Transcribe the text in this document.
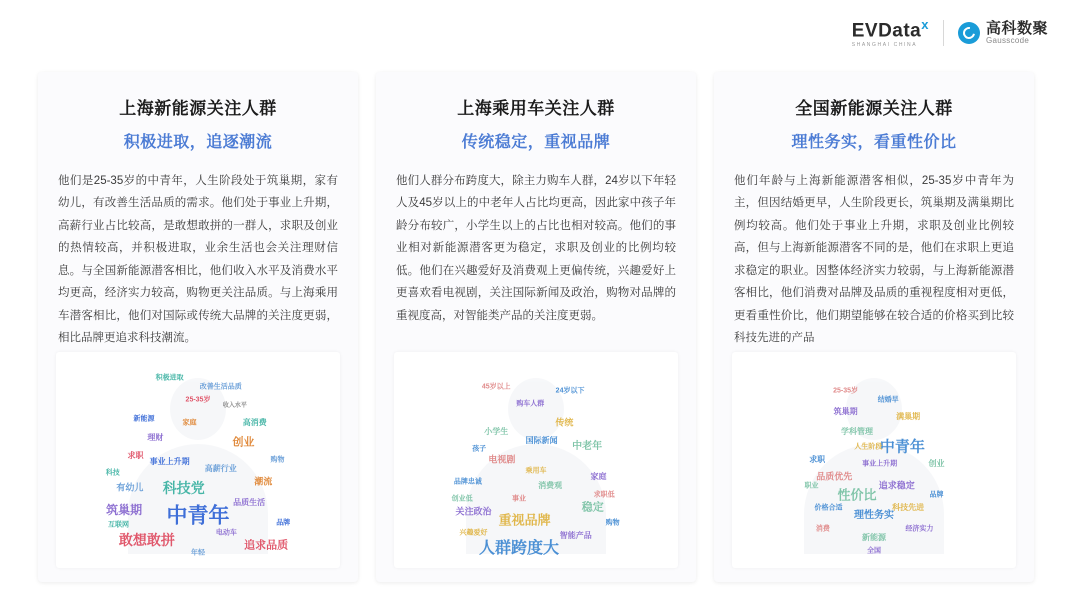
EVData$^x$
SHANGHAI CHINA
高科数聚
Gausscode
上海新能源关注人群
积极进取，追逐潮流
他们是25-35岁的中青年，人生阶段处于筑巢期，家有幼儿，有改善生活品质的需求。他们处于事业上升期，高薪行业占比较高，是敢想敢拼的一群人，求职及创业的热情较高，并积极进取，业余生活也会关注理财信息。与全国新能源潜客相比，他们收入水平及消费水平均更高，经济实力较高，购物更关注品质。与上海乘用车潜客相比，他们对国际或传统大品牌的关注度更弱，相比品牌更追求科技潮流。
中青年
敢想敢拼	追求品质
科技党
筑巢期
有幼儿
创业
高消费
理财
高薪行业
事业上升期
求职
改善生活品质
积极进取
潮流
品质生活
25-35岁
新能源
收入水平
科技
购物
家庭
互联网	品牌
电动车
年轻
上海乘用车关注人群
传统稳定，重视品牌
他们人群分布跨度大，除主力购车人群，24岁以下年轻人及45岁以上的中老年人占比均更高，因此家中孩子年龄分布较广，小学生以上的占比也相对较高。他们的事业相对新能源潜客更为稳定，求职及创业的比例均较低。他们在兴趣爱好及消费观上更偏传统，兴趣爱好上更喜欢看电视剧，关注国际新闻及政治，购物对品牌的重视度高，对智能类产品的关注度更弱。
人群跨度大
重视品牌
稳定
关注政治
中老年
电视剧
国际新闻
传统
小学生
购车人群
24岁以下
45岁以上
家庭
品牌忠诚	消费观
乘用车
孩子
求职低
创业低
智能产品
兴趣爱好
购物
事业
全国新能源关注人群
理性务实，看重性价比
他们年龄与上海新能源潜客相似，25-35岁中青年为主，但因结婚更早，人生阶段更长，筑巢期及满巢期比例均较高。他们处于事业上升期，求职及创业比例较高，但与上海新能源潜客不同的是，他们在求职上更追求稳定的职业。因整体经济实力较弱，与上海新能源潜客相比，他们消费对品牌及品质的重视程度相对更低，更看重性价比，他们期望能够在较合适的价格买到比较科技先进的产品
中青年
性价比
品质优先
追求稳定
理性务实
学科管理
满巢期
筑巢期
结婚早
25-35岁
求职	创业
事业上升期
科技先进
价格合适
新能源
经济实力
消费
品牌
人生阶段
职业
全国
